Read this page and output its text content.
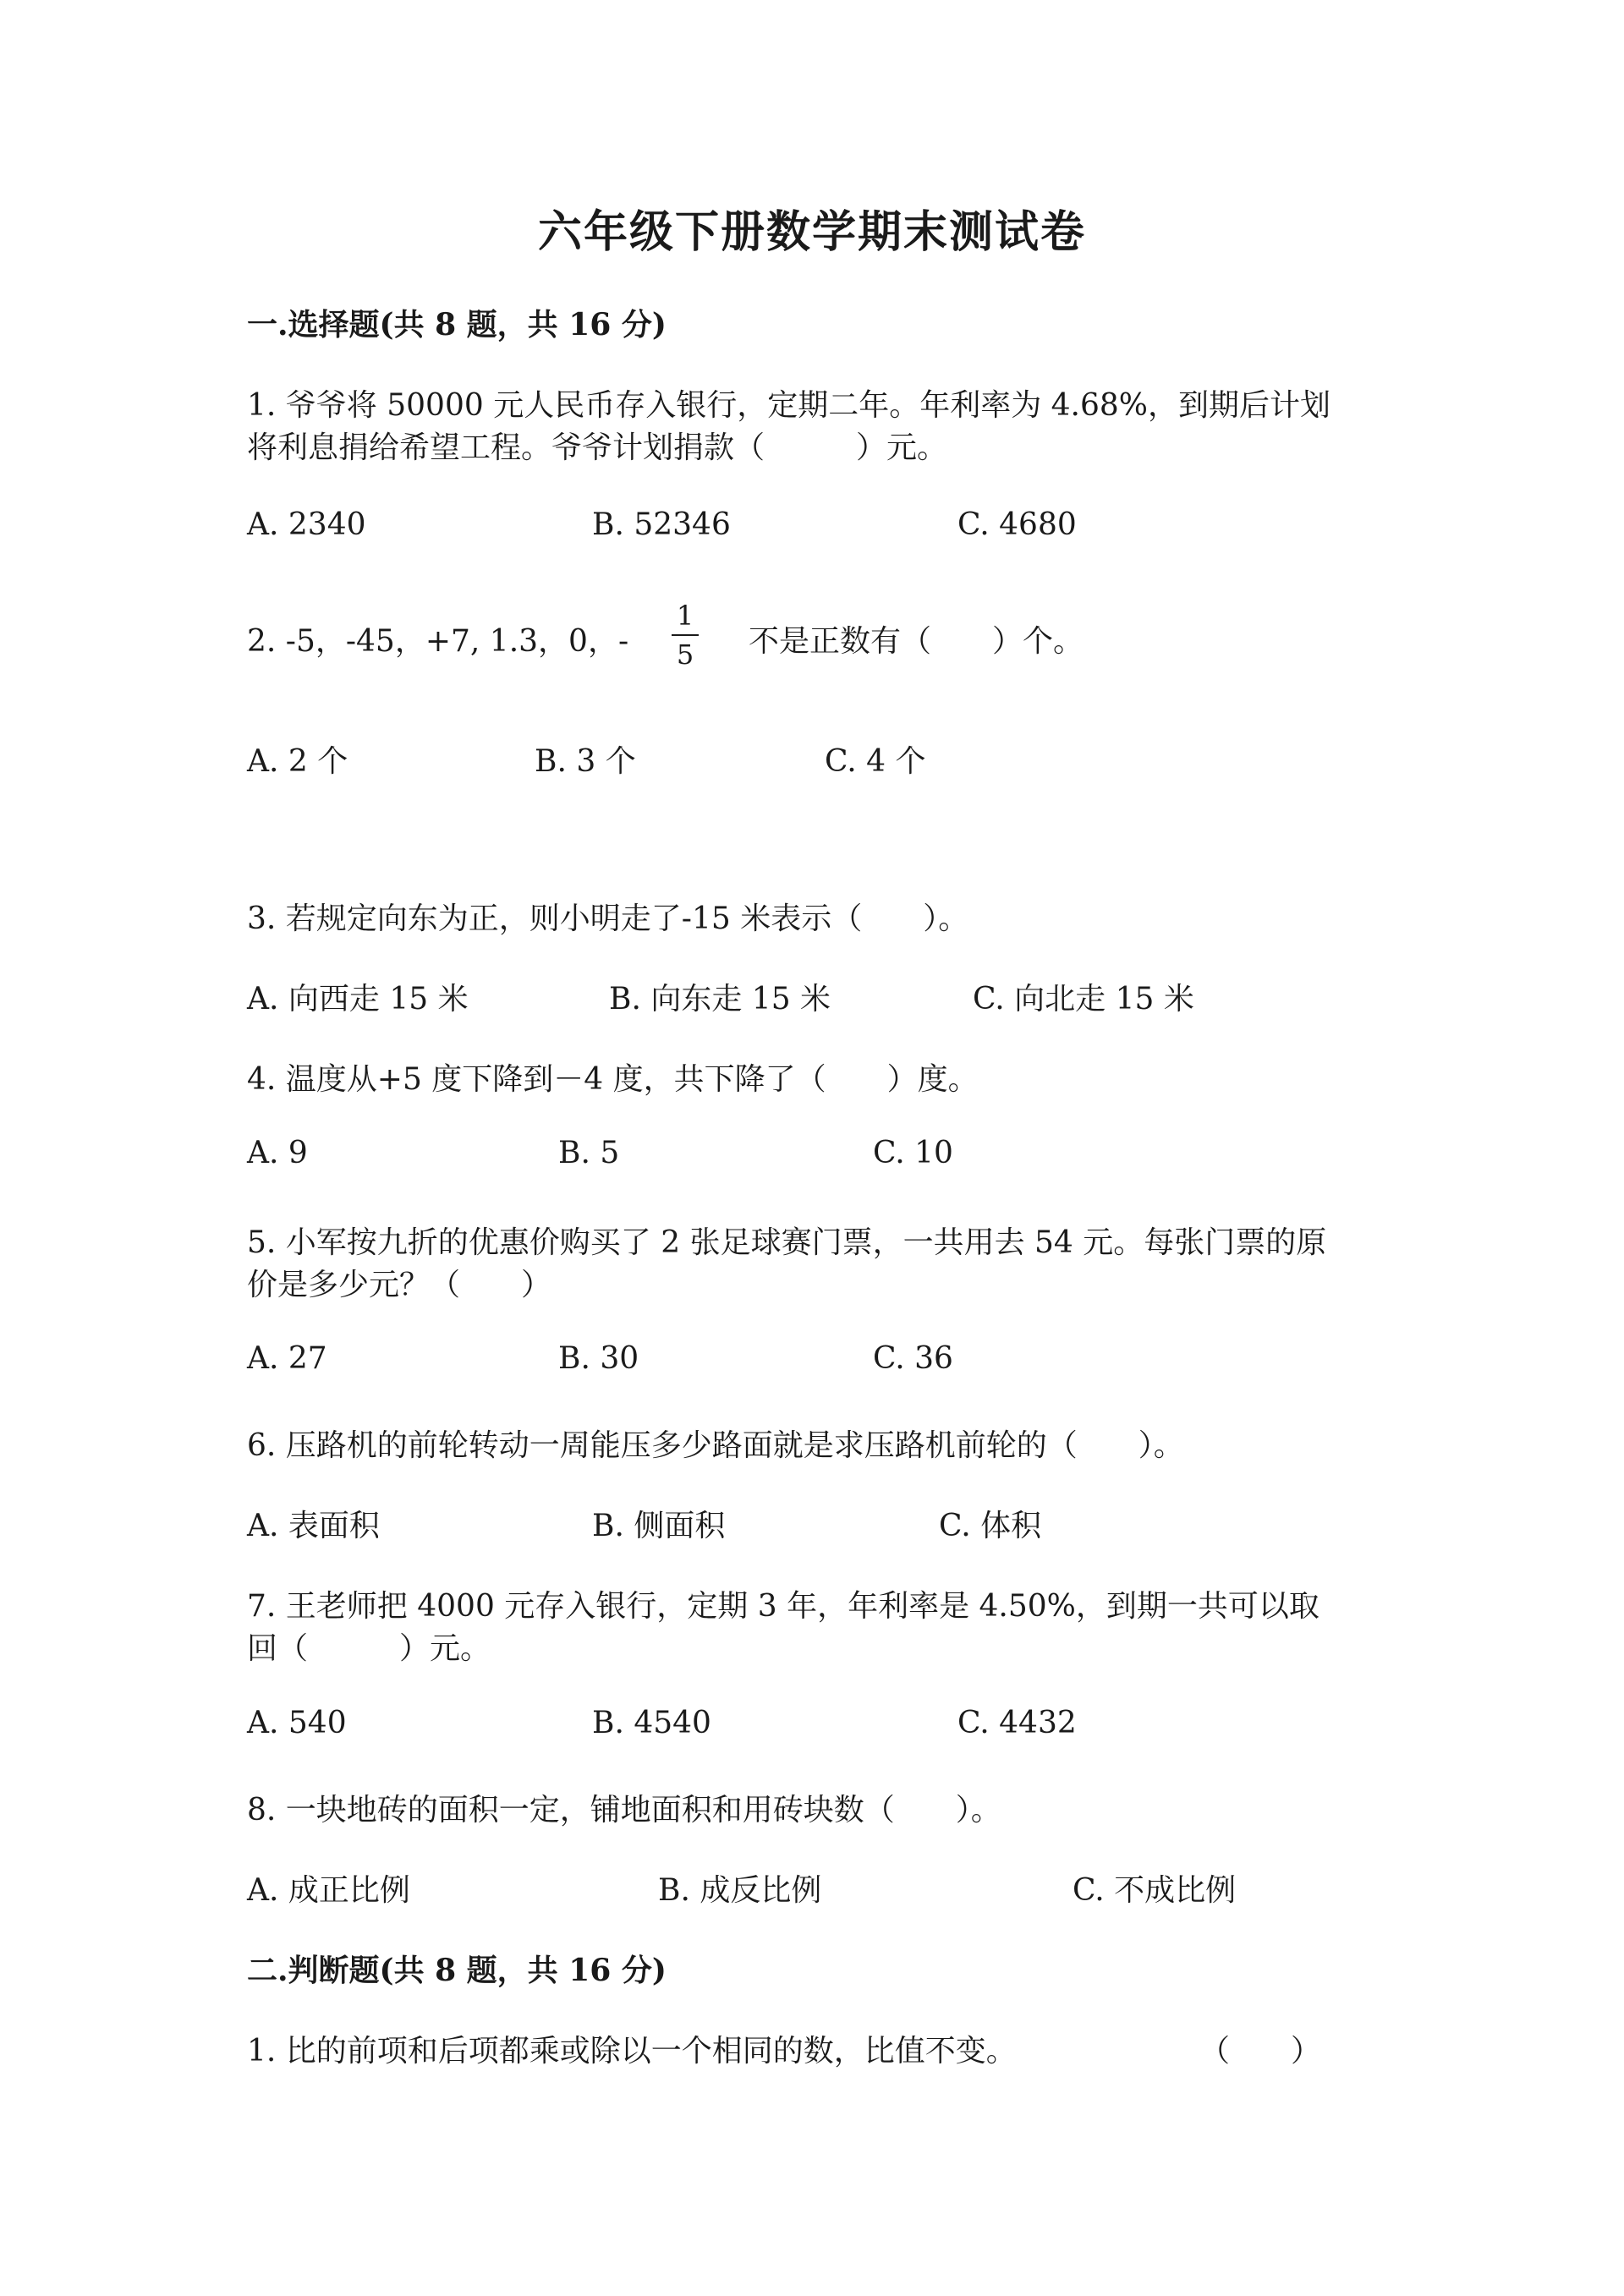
六年级下册数学期末测试卷
一.选择题(共 8 题，共 16 分)
1. 爷爷将 50000 元人民币存入银行，定期二年。年利率为 4.68%，到期后计划
将利息捐给希望工程。爷爷计划捐款（　　　）元。
A. 2340	B. 52346	C. 4680
2. -5，-45，+7, 1.3，0，-
1
5 不是正数有（　　）个。
A. 2 个	B. 3 个	C. 4 个
3. 若规定向东为正，则小明走了-15 米表示（　　）。
A. 向西走 15 米	B. 向东走 15 米	C. 向北走 15 米
4. 温度从+5 度下降到－4 度，共下降了（　　）度。
A. 9	B. 5	C. 10
5. 小军按九折的优惠价购买了 2 张足球赛门票，一共用去 54 元。每张门票的原
价是多少元？（　　）
A. 27	B. 30	C. 36
6. 压路机的前轮转动一周能压多少路面就是求压路机前轮的（　　）。
A. 表面积	B. 侧面积	C. 体积
7. 王老师把 4000 元存入银行，定期 3 年，年利率是 4.50%，到期一共可以取
回（　　　）元。
A. 540	B. 4540	C. 4432
8. 一块地砖的面积一定，铺地面积和用砖块数（　　）。
A. 成正比例	B. 成反比例	C. 不成比例
二.判断题(共 8 题，共 16 分)
1. 比的前项和后项都乘或除以一个相同的数，比值不变。	（　　）
